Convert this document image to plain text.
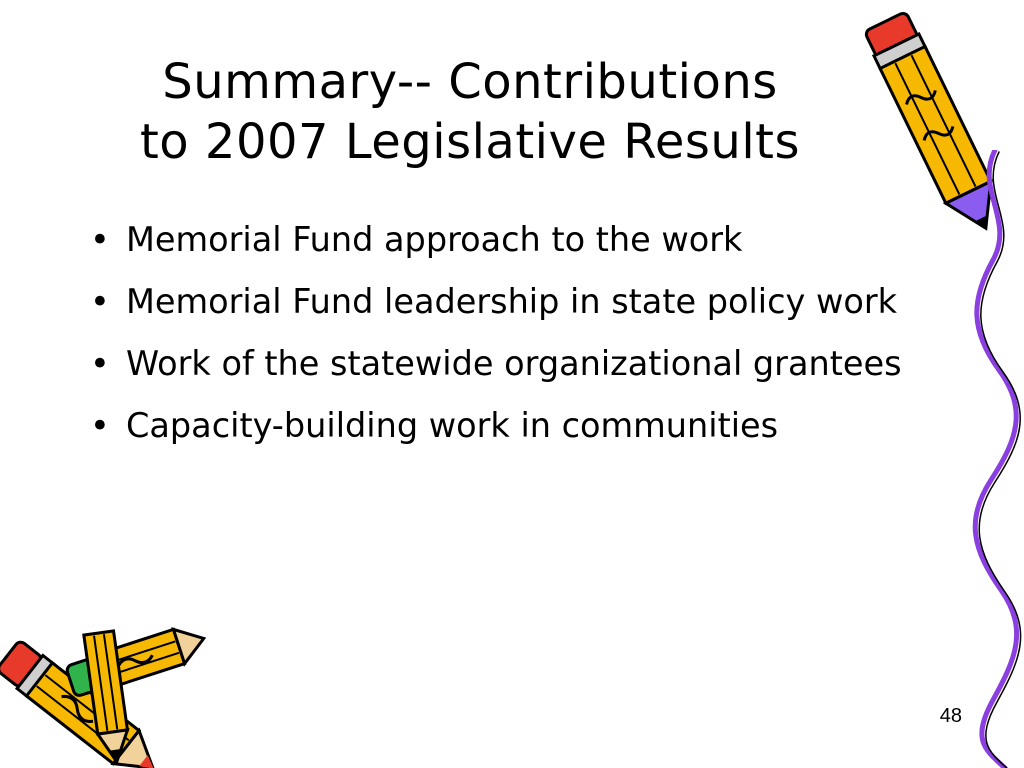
Summary-- Contributions
to 2007 Legislative Results
• Memorial Fund approach to the work
• Memorial Fund leadership in state policy work
• Work of the statewide organizational grantees
• Capacity-building work in communities
48
